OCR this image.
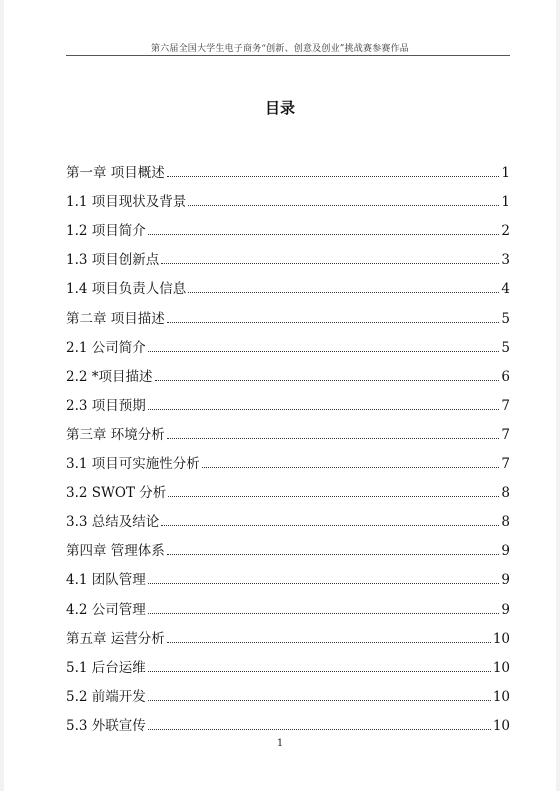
第六届全国大学生电子商务“创新、创意及创业”挑战赛参赛作品
目录
第一章 项目概述	1
1.1 项目现状及背景	1
1.2 项目简介	2
1.3 项目创新点	3
1.4 项目负责人信息	4
第二章 项目描述	5
2.1 公司简介	5
2.2 *项目描述	6
2.3 项目预期	7
第三章 环境分析	7
3.1 项目可实施性分析	7
3.2 SWOT 分析	8
3.3 总结及结论	8
第四章 管理体系	9
4.1 团队管理	9
4.2 公司管理	9
第五章 运营分析	10
5.1 后台运维	10
5.2 前端开发	10
5.3 外联宣传	10
1
